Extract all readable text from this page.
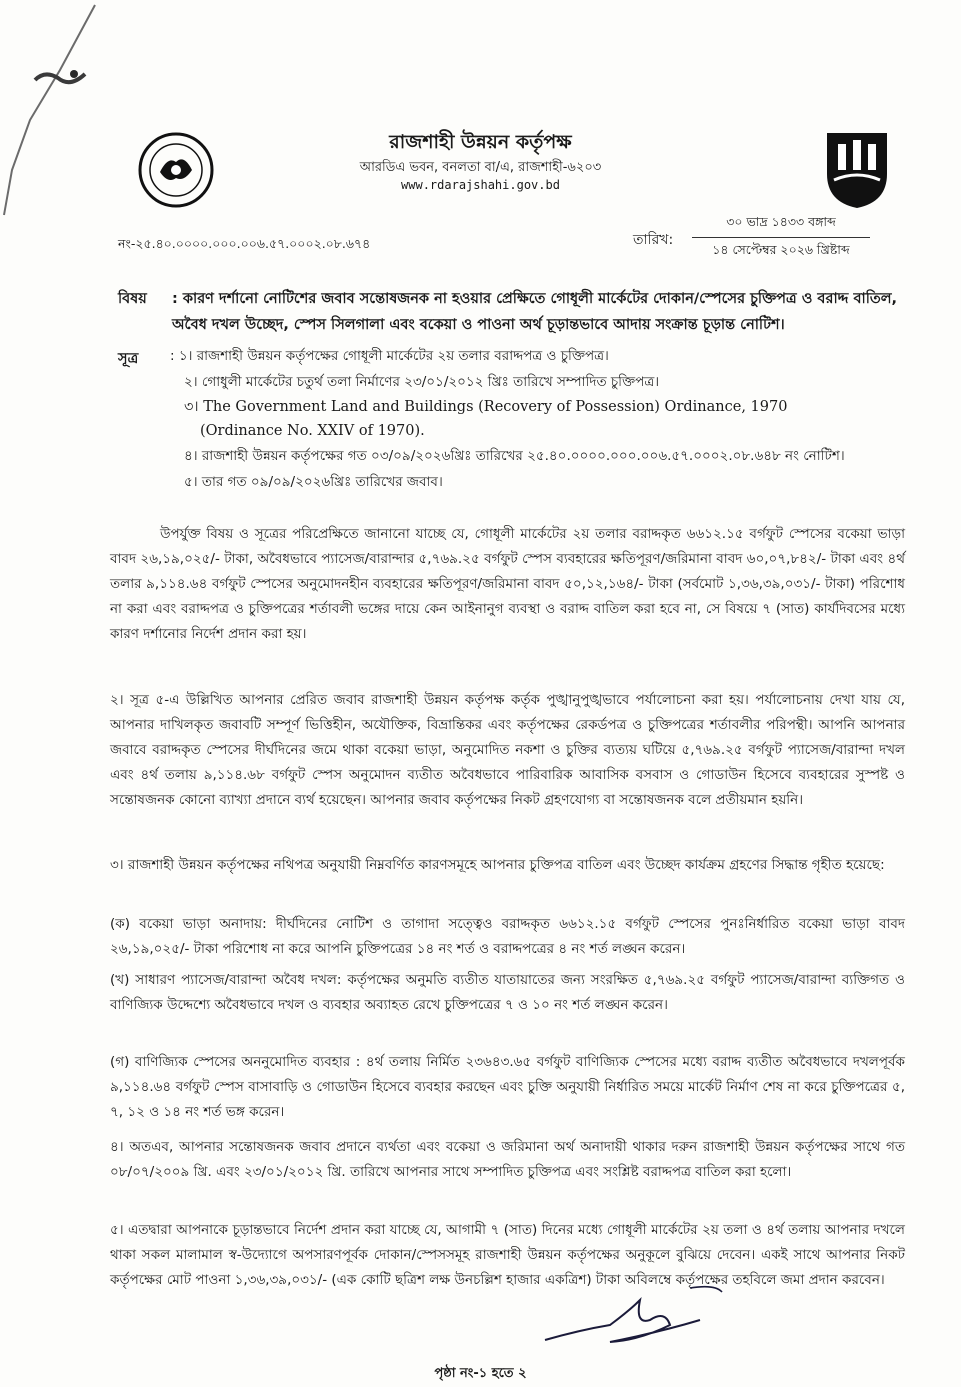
রাজশাহী উন্নয়ন কর্তৃপক্ষ
আরডিএ ভবন, বনলতা বা/এ, রাজশাহী-৬২০৩
www.rdarajshahi.gov.bd
নং-২৫.৪০.০০০০.০০০.০০৬.৫৭.০০০২.০৮.৬৭৪	তারিখ:
৩০ ভাদ্র ১৪৩৩ বঙ্গাব্দ
১৪ সেপ্টেম্বর ২০২৬ খ্রিষ্টাব্দ
বিষয় : কারণ দর্শানো নোটিশের জবাব সন্তোষজনক না হওয়ার প্রেক্ষিতে গোধূলী মার্কেটের দোকান/স্পেসের চুক্তিপত্র ও বরাদ্দ বাতিল, অবৈধ দখল উচ্ছেদ, স্পেস সিলগালা এবং বকেয়া ও পাওনা অর্থ চূড়ান্তভাবে আদায় সংক্রান্ত চূড়ান্ত নোটিশ।
সূত্র : ১। রাজশাহী উন্নয়ন কর্তৃপক্ষের গোধূলী মার্কেটের ২য় তলার বরাদ্দপত্র ও চুক্তিপত্র।
২। গোধুলী মার্কেটের চতুর্থ তলা নির্মাণের ২৩/০১/২০১২ খ্রিঃ তারিখে সম্পাদিত চুক্তিপত্র।
৩। The Government Land and Buildings (Recovery of Possession) Ordinance, 1970 (Ordinance No. XXIV of 1970).
৪। রাজশাহী উন্নয়ন কর্তৃপক্ষের গত ০৩/০৯/২০২৬খ্রিঃ তারিখের ২৫.৪০.০০০০.০০০.০০৬.৫৭.০০০২.০৮.৬৪৮ নং নোটিশ।
৫। তার গত ০৯/০৯/২০২৬খ্রিঃ তারিখের জবাব।

উপর্যুক্ত বিষয় ও সূত্রের পরিপ্রেক্ষিতে জানানো যাচ্ছে যে, গোধূলী মার্কেটের ২য় তলার বরাদ্দকৃত ৬৬১২.১৫ বর্গফুট স্পেসের বকেয়া ভাড়া বাবদ ২৬,১৯,০২৫/- টাকা, অবৈধভাবে প্যাসেজ/বারান্দার ৫,৭৬৯.২৫ বর্গফুট স্পেস ব্যবহারের ক্ষতিপূরণ/জরিমানা বাবদ ৬০,০৭,৮৪২/- টাকা এবং ৪র্থ তলার ৯,১১৪.৬৪ বর্গফুট স্পেসের অনুমোদনহীন ব্যবহারের ক্ষতিপূরণ/জরিমানা বাবদ ৫০,১২,১৬৪/- টাকা (সর্বমোট ১,৩৬,৩৯,০৩১/- টাকা) পরিশোধ না করা এবং বরাদ্দপত্র ও চুক্তিপত্রের শর্তাবলী ভঙ্গের দায়ে কেন আইনানুগ ব্যবস্থা ও বরাদ্দ বাতিল করা হবে না, সে বিষয়ে ৭ (সাত) কার্যদিবসের মধ্যে কারণ দর্শানোর নির্দেশ প্রদান করা হয়।

২। সূত্র ৫-এ উল্লিখিত আপনার প্রেরিত জবাব রাজশাহী উন্নয়ন কর্তৃপক্ষ কর্তৃক পুঙ্খানুপুঙ্খভাবে পর্যালোচনা করা হয়। পর্যালোচনায় দেখা যায় যে, আপনার দাখিলকৃত জবাবটি সম্পূর্ণ ভিত্তিহীন, অযৌক্তিক, বিভ্রান্তিকর এবং কর্তৃপক্ষের রেকর্ডপত্র ও চুক্তিপত্রের শর্তাবলীর পরিপন্থী। আপনি আপনার জবাবে বরাদ্দকৃত স্পেসের দীর্ঘদিনের জমে থাকা বকেয়া ভাড়া, অনুমোদিত নকশা ও চুক্তির ব্যত্যয় ঘটিয়ে ৫,৭৬৯.২৫ বর্গফুট প্যাসেজ/বারান্দা দখল এবং ৪র্থ তলায় ৯,১১৪.৬৮ বর্গফুট স্পেস অনুমোদন ব্যতীত অবৈধভাবে পারিবারিক আবাসিক বসবাস ও গোডাউন হিসেবে ব্যবহারের সুস্পষ্ট ও সন্তোষজনক কোনো ব্যাখ্যা প্রদানে ব্যর্থ হয়েছেন। আপনার জবাব কর্তৃপক্ষের নিকট গ্রহণযোগ্য বা সন্তোষজনক বলে প্রতীয়মান হয়নি।

৩। রাজশাহী উন্নয়ন কর্তৃপক্ষের নথিপত্র অনুযায়ী নিম্নবর্ণিত কারণসমূহে আপনার চুক্তিপত্র বাতিল এবং উচ্ছেদ কার্যক্রম গ্রহণের সিদ্ধান্ত গৃহীত হয়েছে:

(ক) বকেয়া ভাড়া অনাদায়: দীর্ঘদিনের নোটিশ ও তাগাদা সত্ত্বেও বরাদ্দকৃত ৬৬১২.১৫ বর্গফুট স্পেসের পুনঃনির্ধারিত বকেয়া ভাড়া বাবদ ২৬,১৯,০২৫/- টাকা পরিশোধ না করে আপনি চুক্তিপত্রের ১৪ নং শর্ত ও বরাদ্দপত্রের ৪ নং শর্ত লঙ্ঘন করেন।

(খ) সাধারণ প্যাসেজ/বারান্দা অবৈধ দখল: কর্তৃপক্ষের অনুমতি ব্যতীত যাতায়াতের জন্য সংরক্ষিত ৫,৭৬৯.২৫ বর্গফুট প্যাসেজ/বারান্দা ব্যক্তিগত ও বাণিজ্যিক উদ্দেশ্যে অবৈধভাবে দখল ও ব্যবহার অব্যাহত রেখে চুক্তিপত্রের ৭ ও ১০ নং শর্ত লঙ্ঘন করেন।

(গ) বাণিজ্যিক স্পেসের অননুমোদিত ব্যবহার : ৪র্থ তলায় নির্মিত ২৩৬৪৩.৬৫ বর্গফুট বাণিজ্যিক স্পেসের মধ্যে বরাদ্দ ব্যতীত অবৈধভাবে দখলপূর্বক ৯,১১৪.৬৪ বর্গফুট স্পেস বাসাবাড়ি ও গোডাউন হিসেবে ব্যবহার করছেন এবং চুক্তি অনুযায়ী নির্ধারিত সময়ে মার্কেট নির্মাণ শেষ না করে চুক্তিপত্রের ৫, ৭, ১২ ও ১৪ নং শর্ত ভঙ্গ করেন।

৪। অতএব, আপনার সন্তোষজনক জবাব প্রদানে ব্যর্থতা এবং বকেয়া ও জরিমানা অর্থ অনাদায়ী থাকার দরুন রাজশাহী উন্নয়ন কর্তৃপক্ষের সাথে গত ০৮/০৭/২০০৯ খ্রি. এবং ২৩/০১/২০১২ খ্রি. তারিখে আপনার সাথে সম্পাদিত চুক্তিপত্র এবং সংশ্লিষ্ট বরাদ্দপত্র বাতিল করা হলো।

৫। এতদ্বারা আপনাকে চূড়ান্তভাবে নির্দেশ প্রদান করা যাচ্ছে যে, আগামী ৭ (সাত) দিনের মধ্যে গোধূলী মার্কেটের ২য় তলা ও ৪র্থ তলায় আপনার দখলে থাকা সকল মালামাল স্ব-উদ্যোগে অপসারণপূর্বক দোকান/স্পেসসমূহ রাজশাহী উন্নয়ন কর্তৃপক্ষের অনুকূলে বুঝিয়ে দেবেন। একই সাথে আপনার নিকট কর্তৃপক্ষের মোট পাওনা ১,৩৬,৩৯,০৩১/- (এক কোটি ছত্রিশ লক্ষ উনচল্লিশ হাজার একত্রিশ) টাকা অবিলম্বে কর্তৃপক্ষের তহবিলে জমা প্রদান করবেন।

পৃষ্ঠা নং-১ হতে ২
